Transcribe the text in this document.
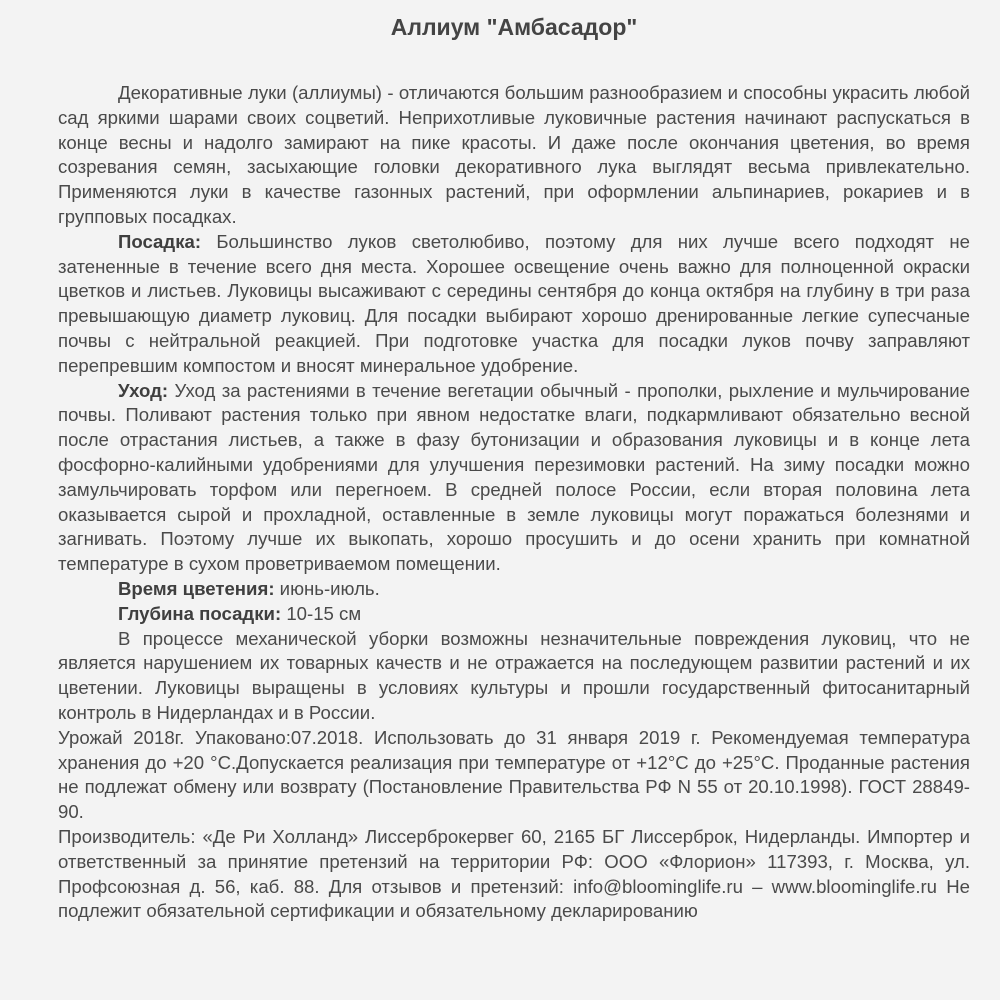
Аллиум "Амбасадор"

Декоративные луки (аллиумы) - отличаются большим разнообразием и способны украсить любой сад яркими шарами своих соцветий. Неприхотливые луковичные растения начинают распускаться в конце весны и надолго замирают на пике красоты. И даже после окончания цветения, во время созревания семян, засыхающие головки декоративного лука выглядят весьма привлекательно. Применяются луки в качестве газонных растений, при оформлении альпинариев, рокариев и в групповых посадках.

Посадка: Большинство луков светолюбиво, поэтому для них лучше всего подходят не затененные в течение всего дня места. Хорошее освещение очень важно для полноценной окраски цветков и листьев. Луковицы высаживают с середины сентября до конца октября на глубину в три раза превышающую диаметр луковиц. Для посадки выбирают хорошо дренированные легкие супесчаные почвы с нейтральной реакцией. При подготовке участка для посадки луков почву заправляют перепревшим компостом и вносят минеральное удобрение.

Уход: Уход за растениями в течение вегетации обычный - прополки, рыхление и мульчирование почвы. Поливают растения только при явном недостатке влаги, подкармливают обязательно весной после отрастания листьев, а также в фазу бутонизации и образования луковицы и в конце лета фосфорно-калийными удобрениями для улучшения перезимовки растений. На зиму посадки можно замульчировать торфом или перегноем. В средней полосе России, если вторая половина лета оказывается сырой и прохладной, оставленные в земле луковицы могут поражаться болезнями и загнивать. Поэтому лучше их выкопать, хорошо просушить и до осени хранить при комнатной температуре в сухом проветриваемом помещении.

Время цветения: июнь-июль.

Глубина посадки: 10-15 см

В процессе механической уборки возможны незначительные повреждения луковиц, что не является нарушением их товарных качеств и не отражается на последующем развитии растений и их цветении. Луковицы выращены в условиях культуры и прошли государственный фитосанитарный контроль в Нидерландах и в России.

Урожай 2018г. Упаковано:07.2018. Использовать до 31 января 2019 г. Рекомендуемая температура хранения до +20 °С.Допускается реализация при температуре от +12°С до +25°С. Проданные растения не подлежат обмену или возврату (Постановление Правительства РФ N 55 от 20.10.1998). ГОСТ 28849-90.

Производитель: «Де Ри Холланд» Лиссерброкервег 60, 2165 БГ Лиссерброк, Нидерланды. Импортер и ответственный за принятие претензий на территории РФ: ООО «Флорион» 117393, г. Москва, ул. Профсоюзная д. 56, каб. 88. Для отзывов и претензий: info@bloominglife.ru – www.bloominglife.ru Не подлежит обязательной сертификации и обязательному декларированию
